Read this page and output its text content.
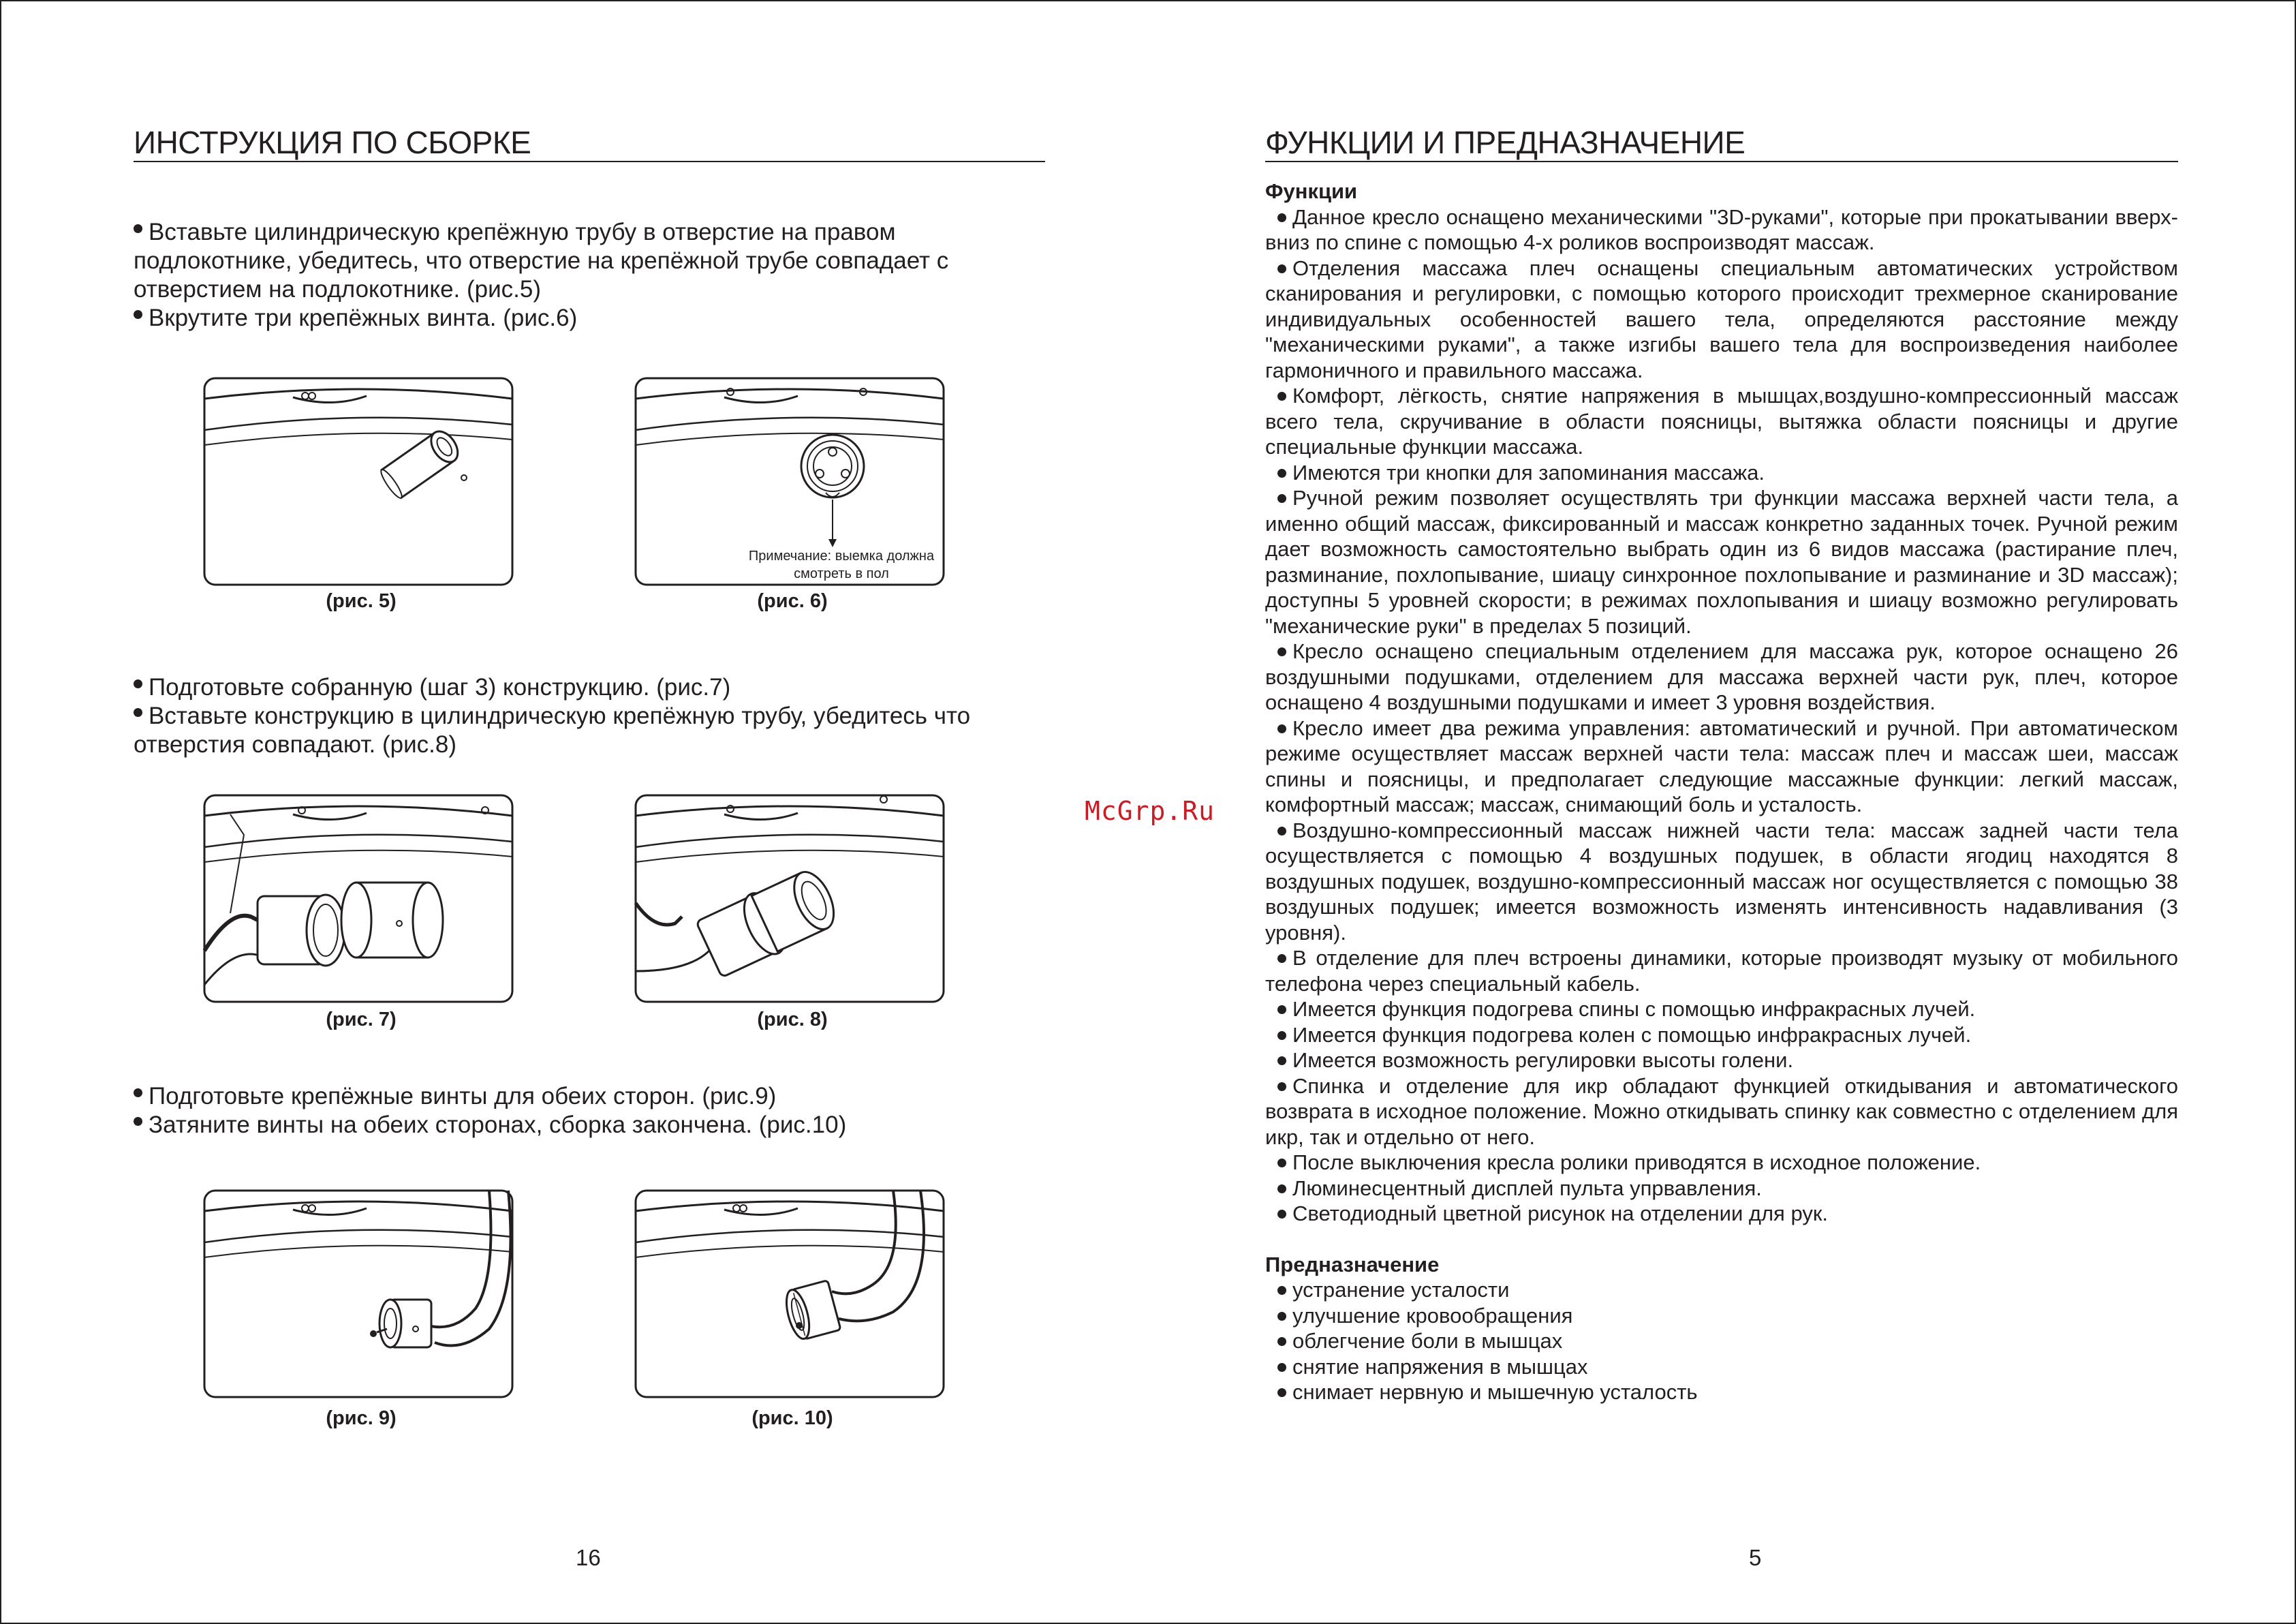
ИНСТРУКЦИЯ ПО СБОРКЕ

Вставьте цилиндрическую крепёжную трубу в отверстие на правом подлокотнике, убедитесь, что отверстие на крепёжной трубе совпадает с отверстием на подлокотнике. (рис.5)

Вкрутите три крепёжных винта. (рис.6)

Подготовьте собранную (шаг 3) конструкцию. (рис.7)

Вставьте конструкцию в цилиндрическую крепёжную трубу, убедитесь что отверстия совпадают. (рис.8)

Подготовьте крепёжные винты для обеих сторон. (рис.9)

Затяните винты на обеих сторонах, сборка закончена. (рис.10)

(рис. 5)
Примечание: выемка должна смотреть в пол
(рис. 6)
(рис. 7)	(рис. 8)
(рис. 9)	(рис. 10)
16
McGrp.Ru
ФУНКЦИИ И ПРЕДНАЗНАЧЕНИЕ

Функции

Данное кресло оснащено механическими "3D-руками", которые при прокатывании вверх-вниз по спине с помощью 4-х роликов воспроизводят массаж.

Отделения массажа плеч оснащены специальным автоматических устройством сканирования и регулировки, с помощью которого происходит трехмерное сканирование индивидуальных особенностей вашего тела, определяются расстояние между "механическими руками", а также изгибы вашего тела для воспроизведения наиболее гармоничного и правильного массажа.

Комфорт, лёгкость, снятие напряжения в мышцах,воздушно-компрессионный массаж всего тела, скручивание в области поясницы, вытяжка области поясницы и другие специальные функции массажа.

Имеются три кнопки для запоминания массажа.

Ручной режим позволяет осуществлять три функции массажа верхней части тела, а именно общий массаж, фиксированный и массаж конкретно заданных точек. Ручной режим дает возможность самостоятельно выбрать один из 6 видов массажа (растирание плеч, разминание, похлопывание, шиацу синхронное похлопывание и разминание и 3D массаж); доступны 5 уровней скорости; в режимах похлопывания и шиацу возможно регулировать "механические руки" в пределах 5 позиций.

Кресло оснащено специальным отделением для массажа рук, которое оснащено 26 воздушными подушками, отделением для массажа верхней части рук, плеч, которое оснащено 4 воздушными подушками и имеет 3 уровня воздействия.

Кресло имеет два режима управления: автоматический и ручной. При автоматическом режиме осуществляет массаж верхней части тела: массаж плеч и массаж шеи, массаж спины и поясницы, и предполагает следующие массажные функции: легкий массаж, комфортный массаж; массаж, снимающий боль и усталость.

Воздушно-компрессионный массаж нижней части тела: массаж задней части тела осуществляется с помощью 4 воздушных подушек, в области ягодиц находятся 8 воздушных подушек, воздушно-компрессионный массаж ног осуществляется с помощью 38 воздушных подушек; имеется возможность изменять интенсивность надавливания (3 уровня).

В отделение для плеч встроены динамики, которые производят музыку от мобильного телефона через специальный кабель.

Имеется функция подогрева спины с помощью инфракрасных лучей.

Имеется функция подогрева колен с помощью инфракрасных лучей.

Имеется возможность регулировки высоты голени.

Спинка и отделение для икр обладают функцией откидывания и автоматического возврата в исходное положение. Можно откидывать спинку как совместно с отделением для икр, так и отдельно от него.

После выключения кресла ролики приводятся в исходное положение.

Люминесцентный дисплей пульта упрвавления.

Светодиодный цветной рисунок на отделении для рук.

Предназначение

устранение усталости
улучшение кровообращения
облегчение боли в мышцах
снятие напряжения в мышцах
снимает нервную и мышечную усталость
5
